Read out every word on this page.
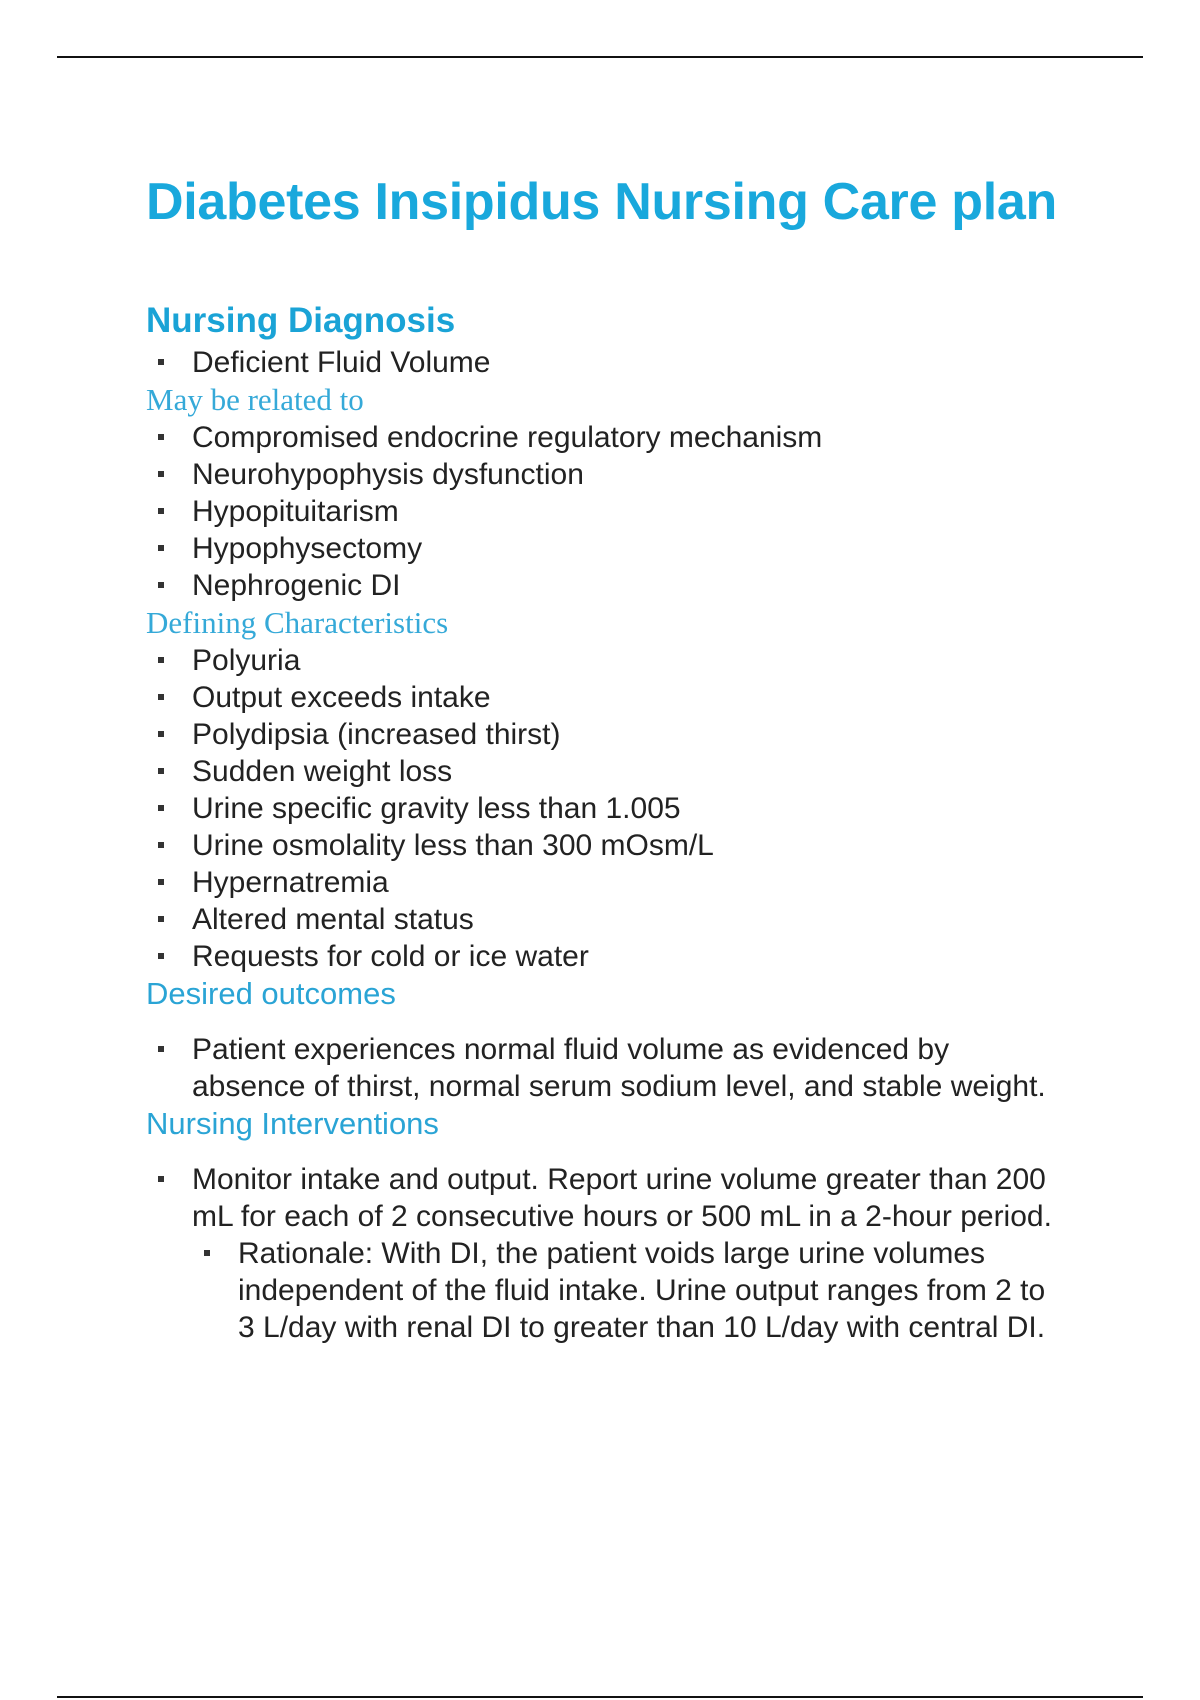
Diabetes Insipidus Nursing Care plan
Nursing Diagnosis
Deficient Fluid Volume
May be related to
Compromised endocrine regulatory mechanism
Neurohypophysis dysfunction
Hypopituitarism
Hypophysectomy
Nephrogenic DI
Defining Characteristics
Polyuria
Output exceeds intake
Polydipsia (increased thirst)
Sudden weight loss
Urine specific gravity less than 1.005
Urine osmolality less than 300 mOsm/L
Hypernatremia
Altered mental status
Requests for cold or ice water
Desired outcomes
Patient experiences normal fluid volume as evidenced by absence of thirst, normal serum sodium level, and stable weight.
Nursing Interventions
Monitor intake and output. Report urine volume greater than 200 mL for each of 2 consecutive hours or 500 mL in a 2-hour period.
Rationale: With DI, the patient voids large urine volumes independent of the fluid intake. Urine output ranges from 2 to 3 L/day with renal DI to greater than 10 L/day with central DI.
